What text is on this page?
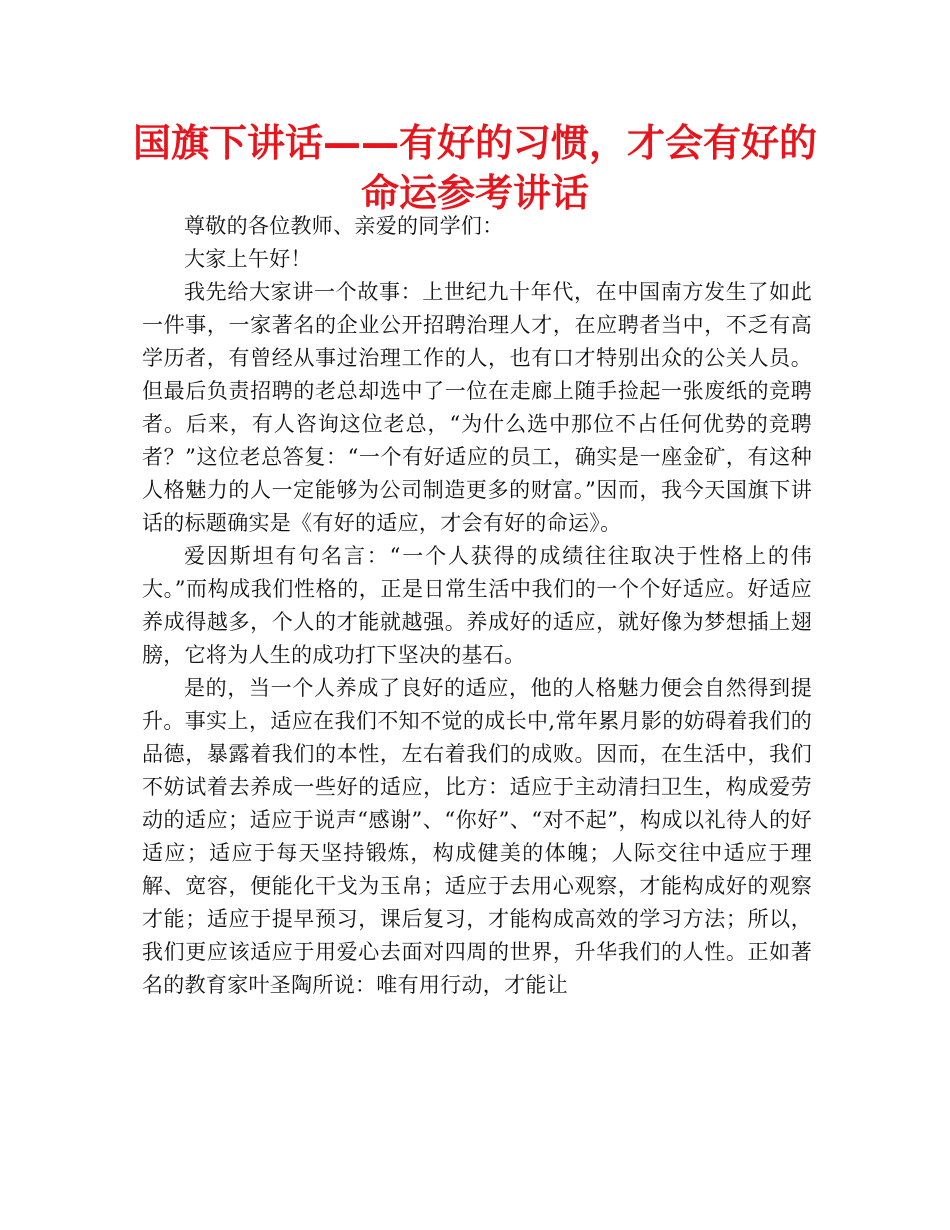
国旗下讲话——有好的习惯，才会有好的命运参考讲话

尊敬的各位教师、亲爱的同学们：

大家上午好！

我先给大家讲一个故事：上世纪九十年代，在中国南方发生了如此一件事，一家著名的企业公开招聘治理人才，在应聘者当中，不乏有高学历者，有曾经从事过治理工作的人，也有口才特别出众的公关人员。但最后负责招聘的老总却选中了一位在走廊上随手捡起一张废纸的竞聘者。后来，有人咨询这位老总，“为什么选中那位不占任何优势的竞聘者？”这位老总答复：“一个有好适应的员工，确实是一座金矿，有这种人格魅力的人一定能够为公司制造更多的财富。”因而，我今天国旗下讲话的标题确实是《有好的适应，才会有好的命运》。

爱因斯坦有句名言：“一个人获得的成绩往往取决于性格上的伟大。”而构成我们性格的，正是日常生活中我们的一个个好适应。好适应养成得越多，个人的才能就越强。养成好的适应，就好像为梦想插上翅膀，它将为人生的成功打下坚决的基石。

是的，当一个人养成了良好的适应，他的人格魅力便会自然得到提升。事实上，适应在我们不知不觉的成长中,常年累月影的妨碍着我们的品德，暴露着我们的本性，左右着我们的成败。因而，在生活中，我们不妨试着去养成一些好的适应，比方：适应于主动清扫卫生，构成爱劳动的适应；适应于说声“感谢”、“你好”、“对不起”，构成以礼待人的好适应；适应于每天坚持锻炼，构成健美的体魄；人际交往中适应于理解、宽容，便能化干戈为玉帛；适应于去用心观察，才能构成好的观察才能；适应于提早预习，课后复习，才能构成高效的学习方法；所以，我们更应该适应于用爱心去面对四周的世界，升华我们的人性。正如著名的教育家叶圣陶所说：唯有用行动，才能让
